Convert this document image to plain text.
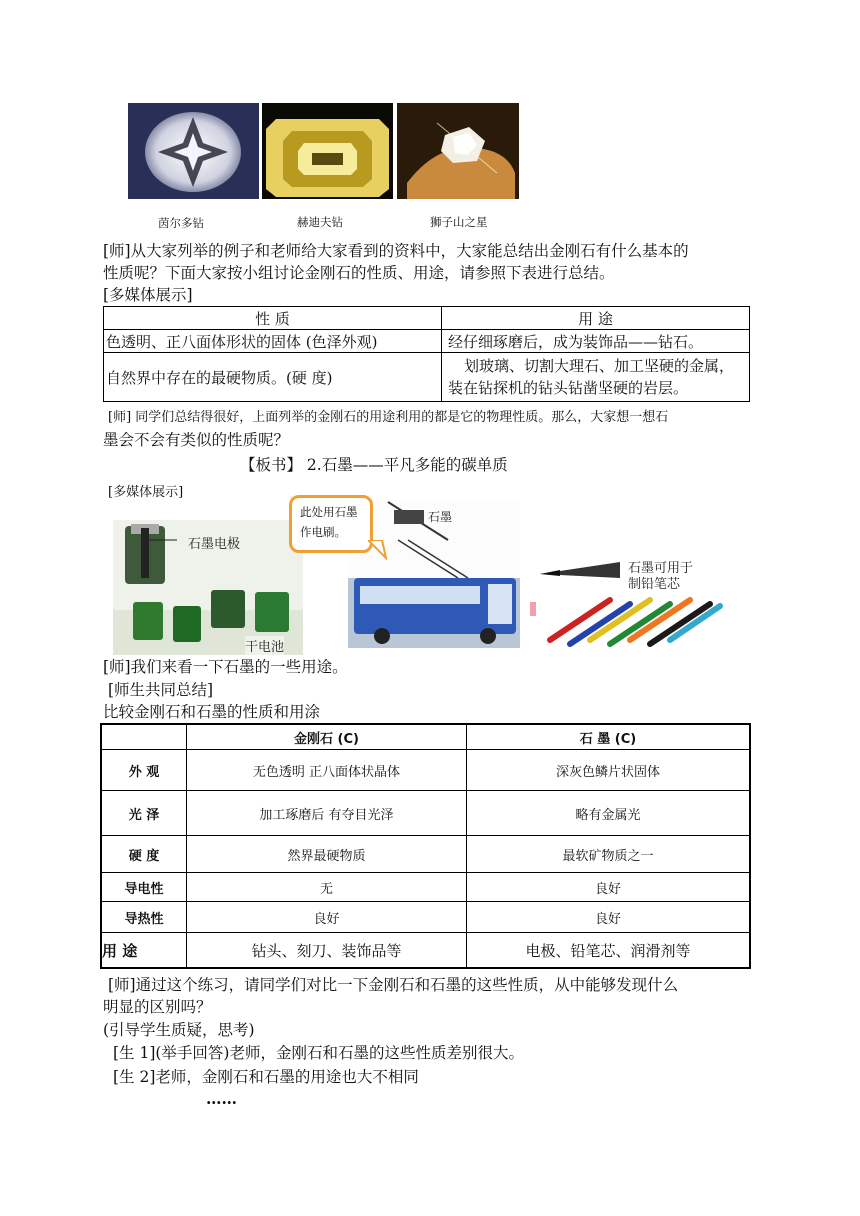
茵尔多钻	赫迪夫钻	狮子山之星
[师]从大家列举的例子和老师给大家看到的资料中，大家能总结出金刚石有什么基本的
性质呢？下面大家按小组讨论金刚石的性质、用途，请参照下表进行总结。
[多媒体展示]
性 质	用 途
色透明、正八面体形状的固体 (色泽外观)	经仔细琢磨后，成为装饰品——钻石。
自然界中存在的最硬物质。(硬 度)	划玻璃、切割大理石、加工坚硬的金属，
装在钻探机的钻头钻凿坚硬的岩层。
[师] 同学们总结得很好，上面列举的金刚石的用途利用的都是它的物理性质。那么，大家想一想石
墨会不会有类似的性质呢？
【板书】 2.石墨——平凡多能的碳单质
[多媒体展示]
石墨电极
干电池
此处用石墨
作电刷。
石墨
石墨可用于
制铅笔芯
[师]我们来看一下石墨的一些用途。
[师生共同总结]
比较金刚石和石墨的性质和用涂
	金刚石 (C)	石 墨 (C)
外 观	无色透明 正八面体状晶体	深灰色鳞片状固体
光 泽	加工琢磨后 有夺目光泽	略有金属光
硬 度	然界最硬物质	最软矿物质之一
导电性	无	良好
导热性	良好	良好
用 途	钻头、刻刀、装饰品等	电极、铅笔芯、润滑剂等
[师]通过这个练习，请同学们对比一下金刚石和石墨的这些性质，从中能够发现什么
明显的区别吗？
(引导学生质疑，思考)
[生 1](举手回答)老师，金刚石和石墨的这些性质差别很大。
[生 2]老师，金刚石和石墨的用途也大不相同
……
